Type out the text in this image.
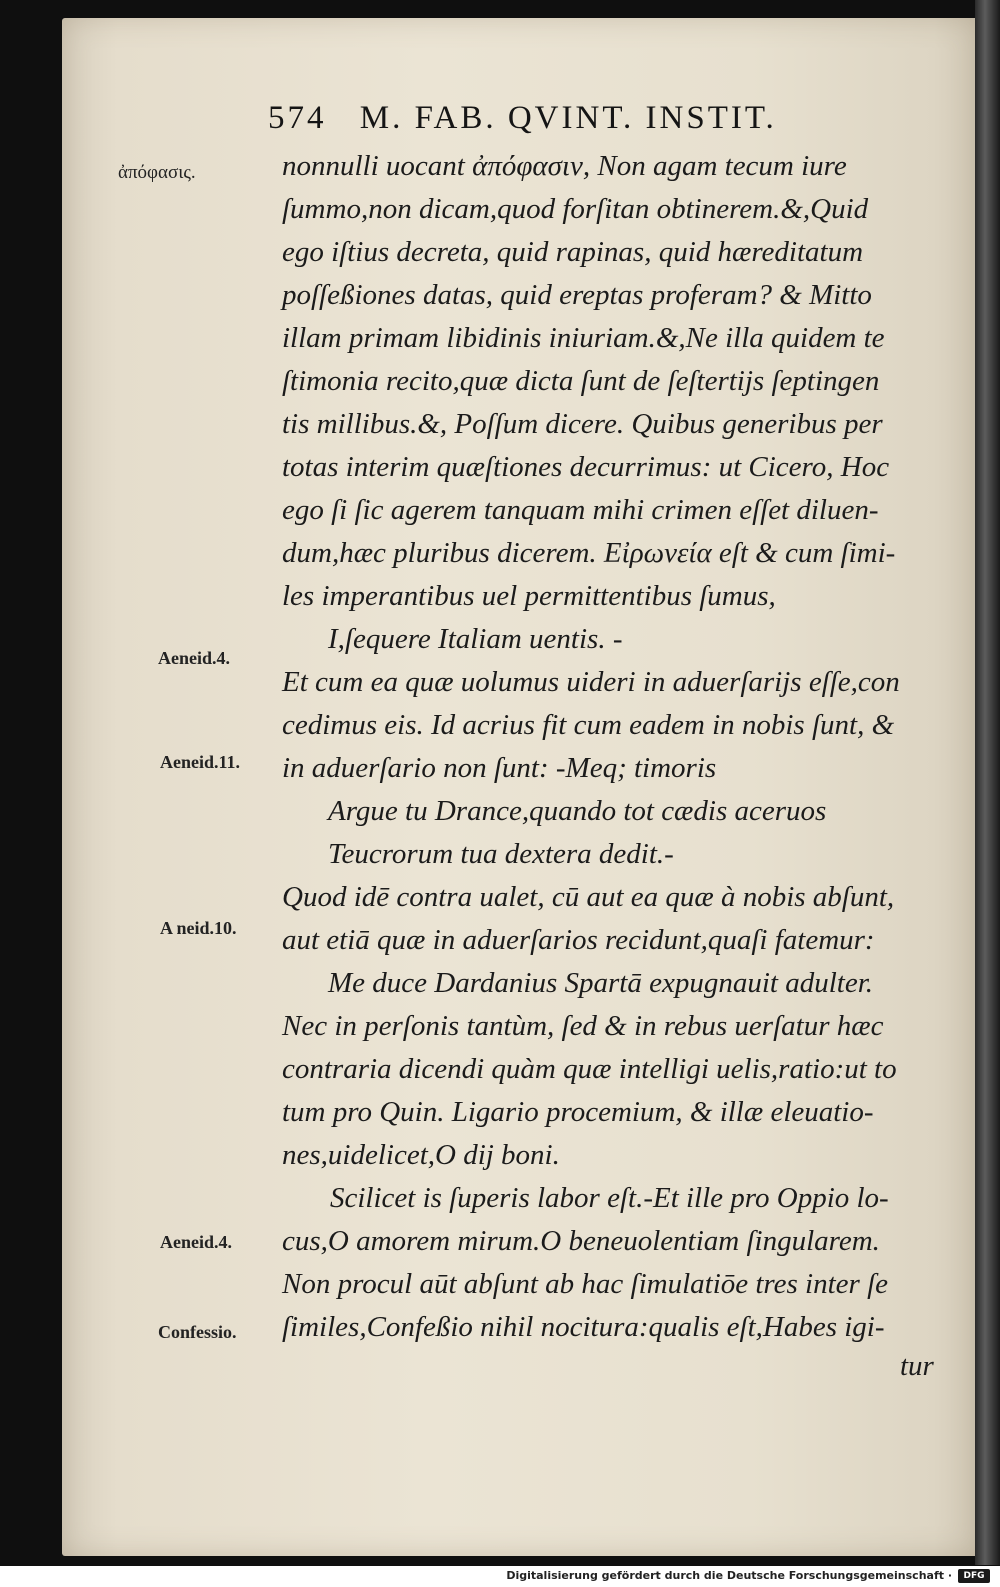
574 M. FAB. QVINT. INSTIT.
ἀπόφασις.
Aeneid.4.
Aeneid.11.
A neid.10.
Aeneid.4.
Confessio.
nonnulli uocant ἀπόφασιν, Non agam tecum iure
ſummo,non dicam,quod forſitan obtinerem.&,Quid
ego iſtius decreta, quid rapinas, quid hæreditatum
poſſeßiones datas, quid ereptas proferam? & Mitto
illam primam libidinis iniuriam.&,Ne illa quidem te
ſtimonia recito,quæ dicta ſunt de ſeſtertijs ſeptingen
tis millibus.&, Poſſum dicere. Quibus generibus per
totas interim quæſtiones decurrimus: ut Cicero, Hoc
ego ſi ſic agerem tanquam mihi crimen eſſet diluen-
dum,hæc pluribus dicerem. Εἰρωνεία eſt & cum ſimi-
les imperantibus uel permittentibus ſumus,
I,ſequere Italiam uentis. -
Et cum ea quæ uolumus uideri in aduerſarijs eſſe,con
cedimus eis. Id acrius fit cum eadem in nobis ſunt, &
in aduerſario non ſunt: -Meq; timoris
Argue tu Drance,quando tot cædis aceruos
Teucrorum tua dextera dedit.-
Quod idē contra ualet, cū aut ea quæ à nobis abſunt,
aut etiā quæ in aduerſarios recidunt,quaſi fatemur:
Me duce Dardanius Spartā expugnauit adulter.
Nec in perſonis tantùm, ſed & in rebus uerſatur hæc
contraria dicendi quàm quæ intelligi uelis,ratio:ut to
tum pro Quin. Ligario procemium, & illæ eleuatio-
nes,uidelicet,O dij boni.
Scilicet is ſuperis labor eſt.-Et ille pro Oppio lo-
cus,O amorem mirum.O beneuolentiam ſingularem.
Non procul aūt abſunt ab hac ſimulatiōe tres inter ſe
ſimiles,Confeßio nihil nocitura:qualis eſt,Habes igi-
tur
Digitalisierung gefördert durch die Deutsche Forschungsgemeinschaft ·	DFG
